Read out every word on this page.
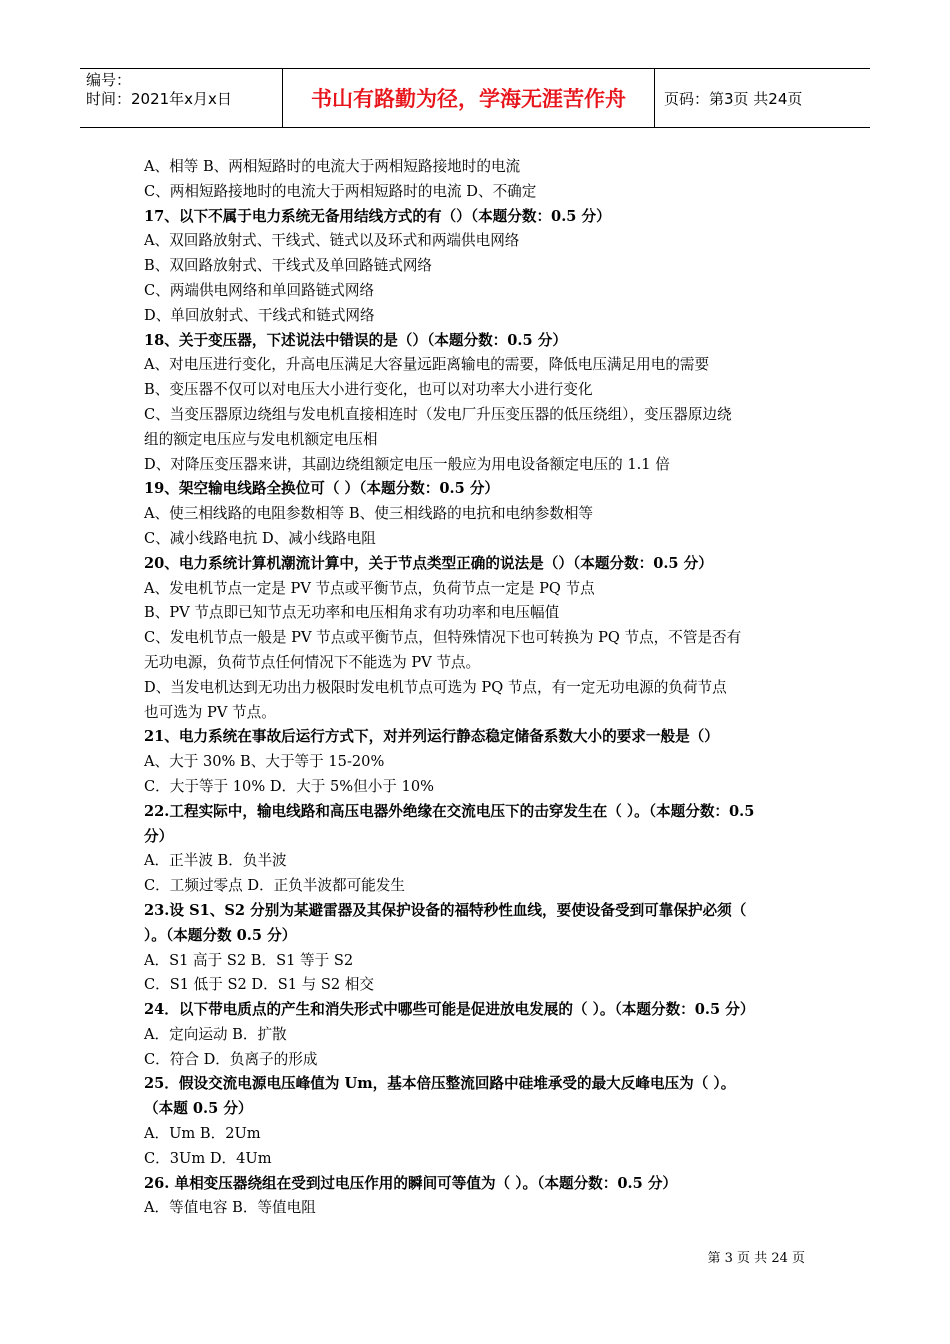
编号：
时间：2021年x月x日	书山有路勤为径，学海无涯苦作舟	页码：第3页 共24页
A、相等 B、两相短路时的电流大于两相短路接地时的电流
C、两相短路接地时的电流大于两相短路时的电流 D、不确定
17、以下不属于电力系统无备用结线方式的有（）（本题分数：0.5 分）
A、双回路放射式、干线式、链式以及环式和两端供电网络
B、双回路放射式、干线式及单回路链式网络
C、两端供电网络和单回路链式网络
D、单回放射式、干线式和链式网络
18、关于变压器，下述说法中错误的是（）（本题分数：0.5 分）
A、对电压进行变化，升高电压满足大容量远距离输电的需要，降低电压满足用电的需要
B、变压器不仅可以对电压大小进行变化，也可以对功率大小进行变化
C、当变压器原边绕组与发电机直接相连时（发电厂升压变压器的低压绕组），变压器原边绕
组的额定电压应与发电机额定电压相
D、对降压变压器来讲，其副边绕组额定电压一般应为用电设备额定电压的 1.1 倍
19、架空输电线路全换位可（ ）（本题分数：0.5 分）
A、使三相线路的电阻参数相等 B、使三相线路的电抗和电纳参数相等
C、减小线路电抗 D、减小线路电阻
20、电力系统计算机潮流计算中，关于节点类型正确的说法是（）（本题分数：0.5 分）
A、发电机节点一定是 PV 节点或平衡节点，负荷节点一定是 PQ 节点
B、PV 节点即已知节点无功率和电压相角求有功功率和电压幅值
C、发电机节点一般是 PV 节点或平衡节点，但特殊情况下也可转换为 PQ 节点，不管是否有
无功电源，负荷节点任何情况下不能选为 PV 节点。
D、当发电机达到无功出力极限时发电机节点可选为 PQ 节点，有一定无功电源的负荷节点
也可选为 PV 节点。
21、电力系统在事故后运行方式下，对并列运行静态稳定储备系数大小的要求一般是（）
A、大于 30% B、大于等于 15-20%
C．大于等于 10% D．大于 5%但小于 10%
22.工程实际中，输电线路和高压电器外绝缘在交流电压下的击穿发生在（ ）。（本题分数：0.5
分）
A．正半波 B．负半波
C．工频过零点 D．正负半波都可能发生
23.设 S1、S2 分别为某避雷器及其保护设备的福特秒性血线，要使设备受到可靠保护必须（
）。（本题分数 0.5 分）
A．S1 高于 S2 B．S1 等于 S2
C．S1 低于 S2 D．S1 与 S2 相交
24．以下带电质点的产生和消失形式中哪些可能是促进放电发展的（ ）。（本题分数：0.5 分）
A．定向运动 B．扩散
C．符合 D．负离子的形成
25．假设交流电源电压峰值为 Um，基本倍压整流回路中硅堆承受的最大反峰电压为（ ）。
（本题 0.5 分）
A．Um B．2Um
C．3Um D．4Um
26. 单相变压器绕组在受到过电压作用的瞬间可等值为（ ）。（本题分数：0.5 分）
A．等值电容 B．等值电阻
第 3 页 共 24 页
